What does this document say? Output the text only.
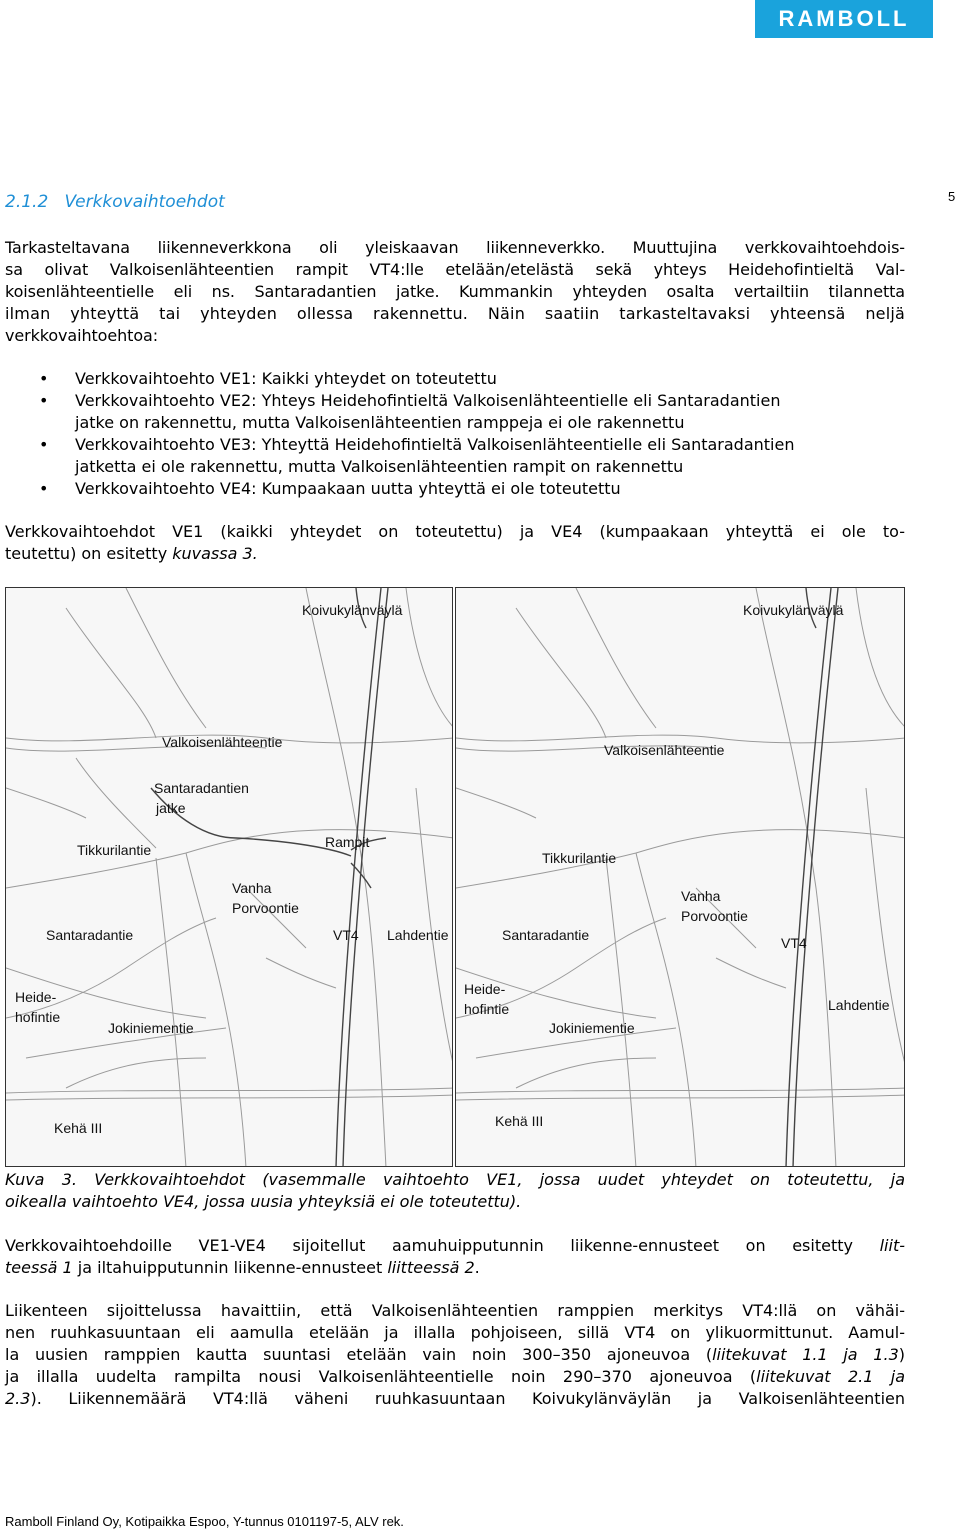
RAMBOLL
5
2.1.2 Verkkovaihtoehdot
Tarkasteltavana liikenneverkkona oli yleiskaavan liikenneverkko. Muuttujina verkkovaihtoehdois-
sa olivat Valkoisenlähteentien rampit VT4:lle etelään/etelästä sekä yhteys Heidehofintieltä Val-
koisenlähteentielle eli ns. Santaradantien jatke. Kummankin yhteyden osalta vertailtiin tilannetta
ilman yhteyttä tai yhteyden ollessa rakennettu. Näin saatiin tarkasteltavaksi yhteensä neljä
verkkovaihtoehtoa:
• Verkkovaihtoehto VE1: Kaikki yhteydet on toteutettu
• Verkkovaihtoehto VE2: Yhteys Heidehofintieltä Valkoisenlähteentielle eli Santaradantien
jatke on rakennettu, mutta Valkoisenlähteentien ramppeja ei ole rakennettu
• Verkkovaihtoehto VE3: Yhteyttä Heidehofintieltä Valkoisenlähteentielle eli Santaradantien
jatketta ei ole rakennettu, mutta Valkoisenlähteentien rampit on rakennettu
• Verkkovaihtoehto VE4: Kumpaakaan uutta yhteyttä ei ole toteutettu
Verkkovaihtoehdot VE1 (kaikki yhteydet on toteutettu) ja VE4 (kumpaakaan yhteyttä ei ole to-
teutettu) on esitetty kuvassa 3.
Koivukylänväylä
Valkoisenlähteentie
Santaradantien
jatke
Tikkurilantie	Rampit
Vanha
Porvoontie
Santaradantie	VT4 Lahdentie
Heide-
hofintie
Jokiniementie
Kehä III
Koivukylänväylä
Valkoisenlähteentie
Tikkurilantie
Vanha
Porvoontie
Santaradantie	VT4
Heide-
hofintie	Lahdentie
Jokiniementie
Kehä III
Kuva 3. Verkkovaihtoehdot (vasemmalle vaihtoehto VE1, jossa uudet yhteydet on toteutettu, ja
oikealla vaihtoehto VE4, jossa uusia yhteyksiä ei ole toteutettu).
Verkkovaihtoehdoille VE1-VE4 sijoitellut aamuhuipputunnin liikenne-ennusteet on esitetty liit-
teessä 1 ja iltahuipputunnin liikenne-ennusteet liitteessä 2.
Liikenteen sijoittelussa havaittiin, että Valkoisenlähteentien ramppien merkitys VT4:llä on vähäi-
nen ruuhkasuuntaan eli aamulla etelään ja illalla pohjoiseen, sillä VT4 on ylikuormittunut. Aamul-
la uusien ramppien kautta suuntasi etelään vain noin 300–350 ajoneuvoa (liitekuvat 1.1 ja 1.3)
ja illalla uudelta rampilta nousi Valkoisenlähteentielle noin 290–370 ajoneuvoa (liitekuvat 2.1 ja
2.3). Liikennemäärä VT4:llä väheni ruuhkasuuntaan Koivukylänväylän ja Valkoisenlähteentien
Ramboll Finland Oy, Kotipaikka Espoo, Y-tunnus 0101197-5, ALV rek.
